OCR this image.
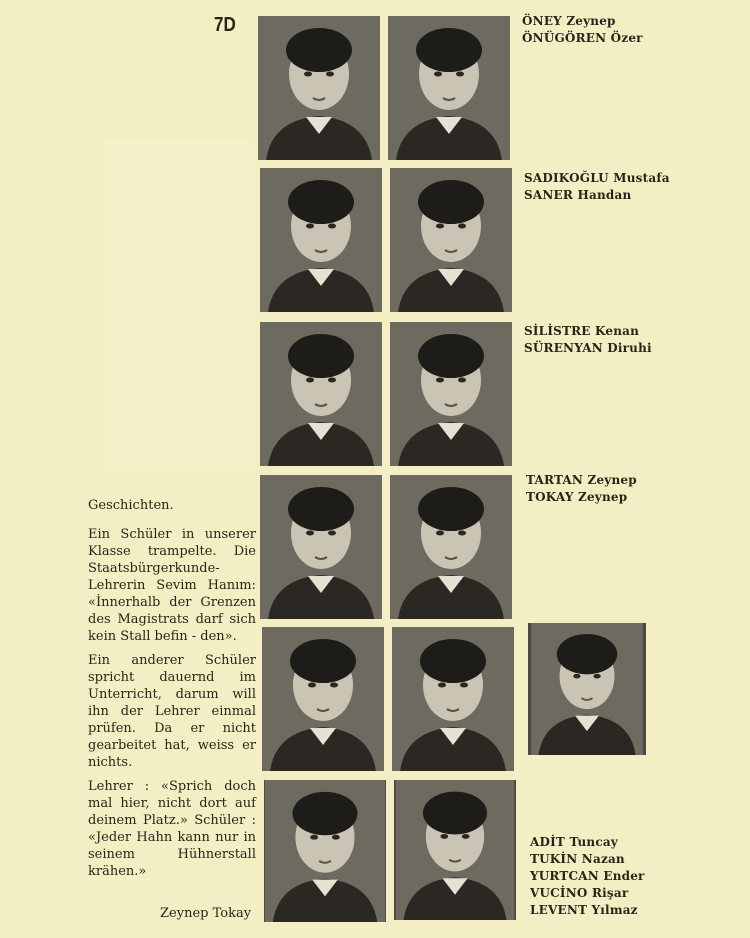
7D	ÖNEY Zeynep
ÖNÜGÖREN Özer
SADIKOĞLU Mustafa
SANER Handan
SİLİSTRE Kenan
SÜRENYAN Diruhi
TARTAN Zeynep
TOKAY Zeynep
ADİT Tuncay
TUKİN Nazan
YURTCAN Ender
VUCİNO Rişar
LEVENT Yılmaz

Geschichten.

Ein Schüler in unserer Klasse trampelte. Die Staatsbürgerkunde-Lehrerin Sevim Hanım: «İnnerhalb der Grenzen des Magistrats darf sich kein Stall befin - den».

Ein anderer Schüler spricht dauernd im Unterricht, darum will ihn der Lehrer einmal prüfen. Da er nicht gearbeitet hat, weiss er nichts.

Lehrer : «Sprich doch mal hier, nicht dort auf deinem Platz.» Schüler : «Jeder Hahn kann nur in seinem Hühnerstall krähen.»

Zeynep Tokay
